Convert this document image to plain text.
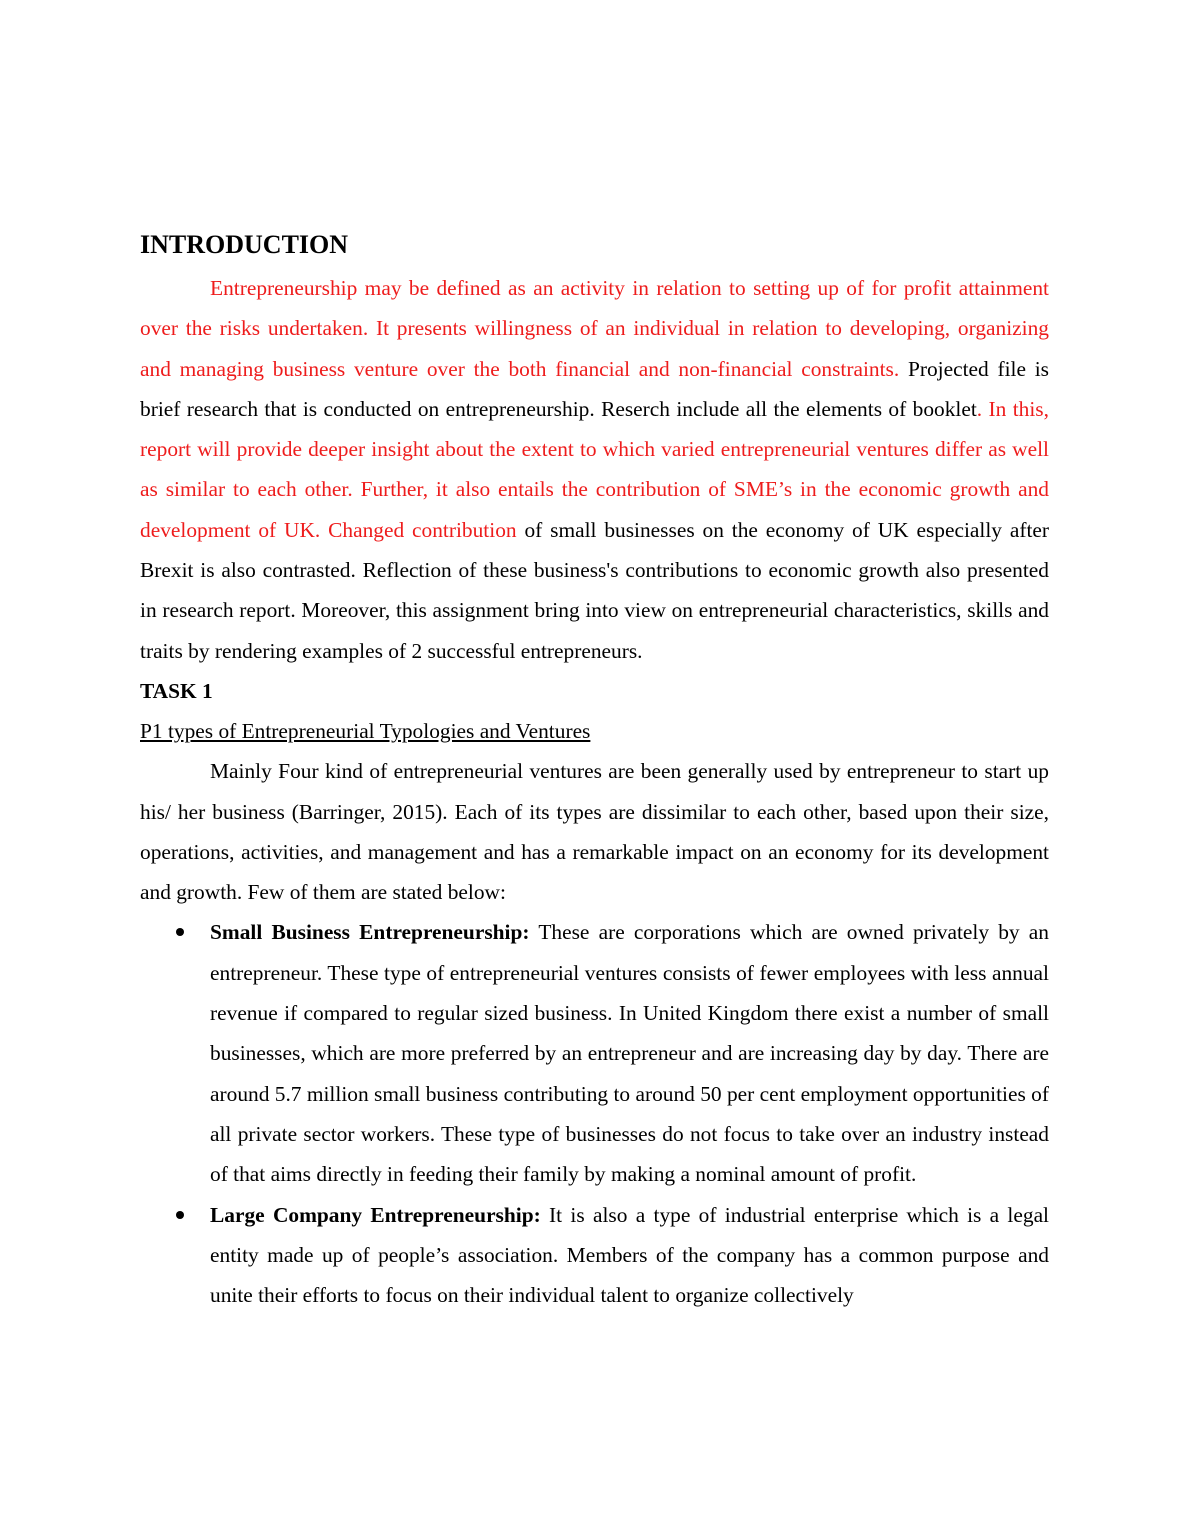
INTRODUCTION

Entrepreneurship may be defined as an activity in relation to setting up of for profit attainment over the risks undertaken. It presents willingness of an individual in relation to developing, organizing and managing business venture over the both financial and non-financial constraints. Projected file is brief research that is conducted on entrepreneurship. Reserch include all the elements of booklet. In this, report will provide deeper insight about the extent to which varied entrepreneurial ventures differ as well as similar to each other. Further, it also entails the contribution of SME’s in the economic growth and development of UK. Changed contribution of small businesses on the economy of UK especially after Brexit is also contrasted. Reflection of these business's contributions to economic growth also presented in research report. Moreover, this assignment bring into view on entrepreneurial characteristics, skills and traits by rendering examples of 2 successful entrepreneurs.

TASK 1

P1 types of Entrepreneurial Typologies and Ventures

Mainly Four kind of entrepreneurial ventures are been generally used by entrepreneur to start up his/ her business (Barringer, 2015). Each of its types are dissimilar to each other, based upon their size, operations, activities, and management and has a remarkable impact on an economy for its development and growth. Few of them are stated below:

Small Business Entrepreneurship: These are corporations which are owned privately by an entrepreneur. These type of entrepreneurial ventures consists of fewer employees with less annual revenue if compared to regular sized business. In United Kingdom there exist a number of small businesses, which are more preferred by an entrepreneur and are increasing day by day. There are around 5.7 million small business contributing to around 50 per cent employment opportunities of all private sector workers. These type of businesses do not focus to take over an industry instead of that aims directly in feeding their family by making a nominal amount of profit.
Large Company Entrepreneurship: It is also a type of industrial enterprise which is a legal entity made up of people’s association. Members of the company has a common purpose and unite their efforts to focus on their individual talent to organize collectively
